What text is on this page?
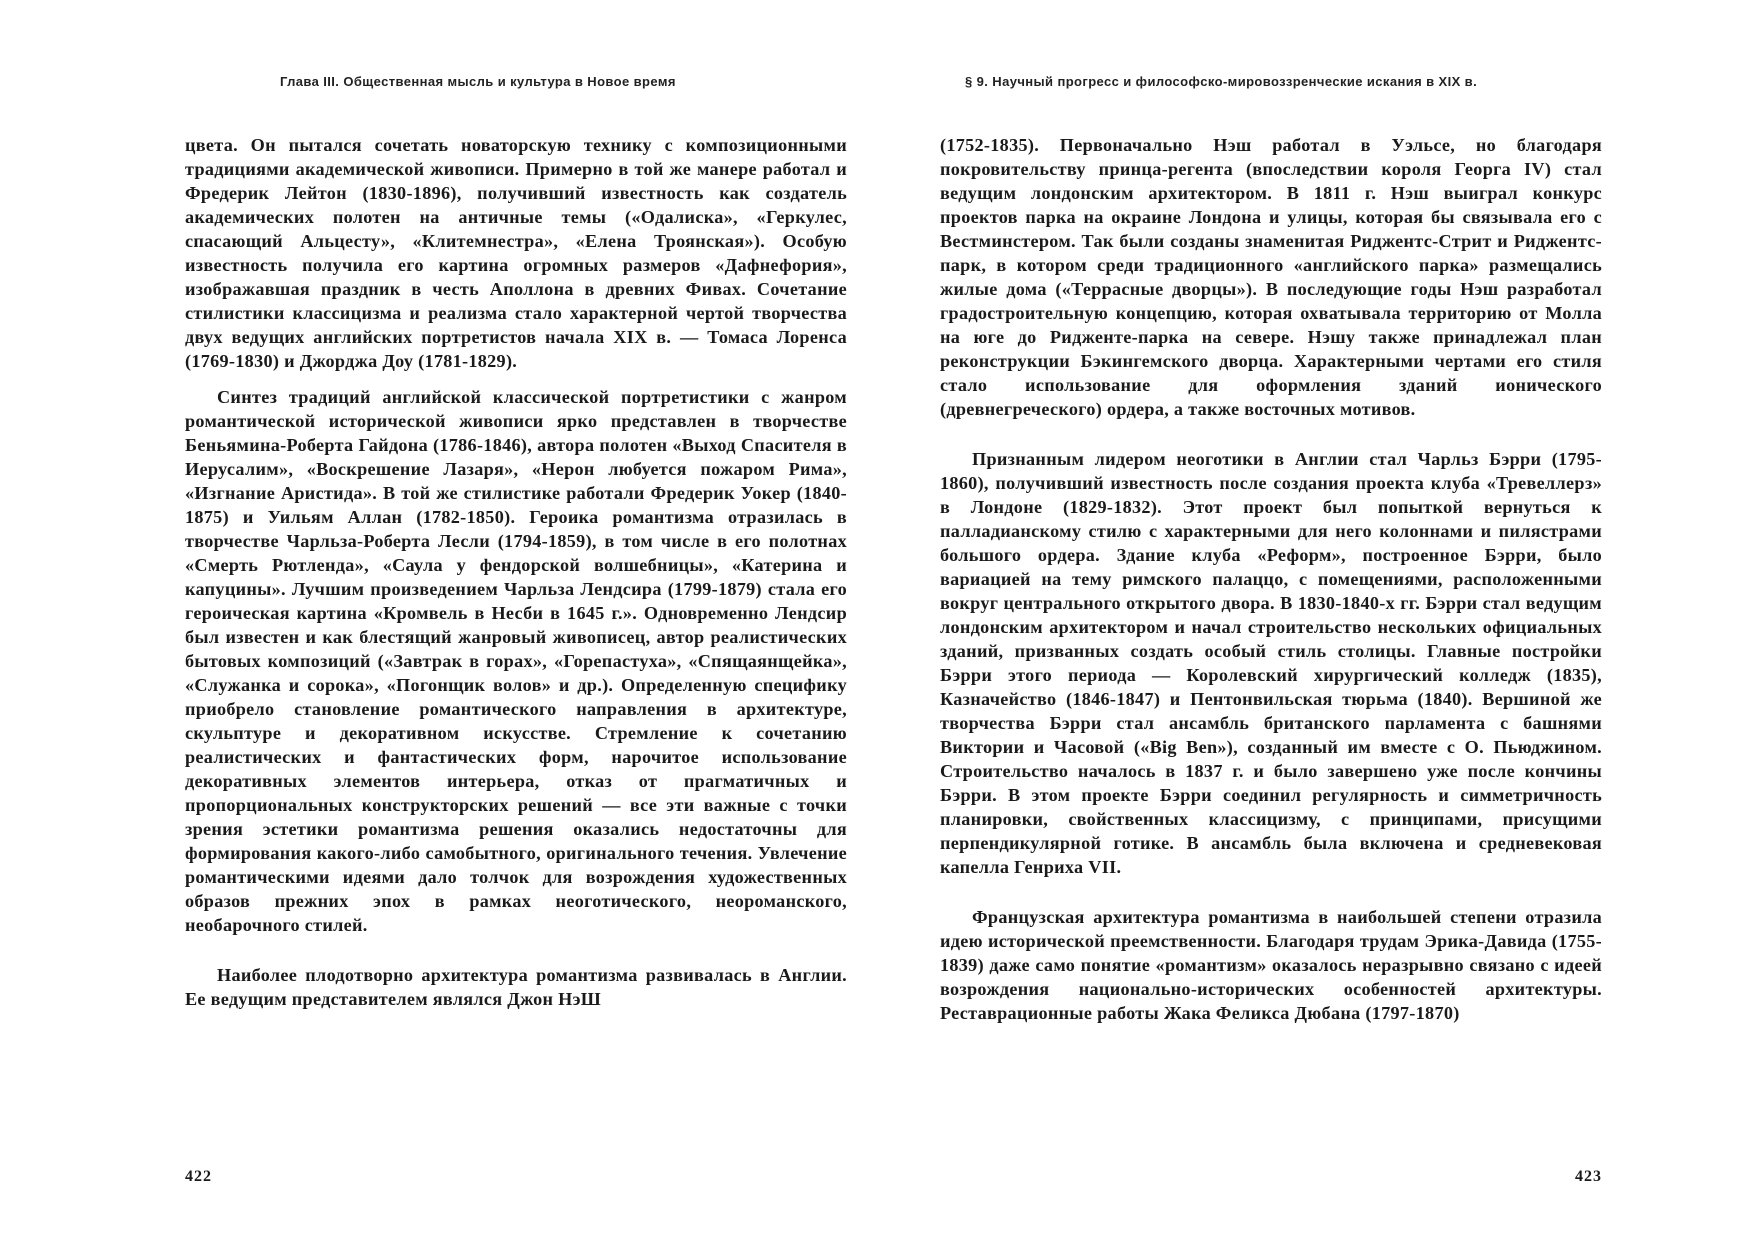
Глава III. Общественная мысль и культура в Новое время

цвета. Он пытался сочетать новаторскую технику с композиционными традициями академической живописи. Примерно в той же манере работал и Фредерик Лейтон (1830-1896), получивший известность как создатель академических полотен на античные темы («Одалиска», «Геркулес, спасающий Альцесту», «Клитемнестра», «Елена Троянская»). Особую известность получила его картина огромных размеров «Дафнефория», изображавшая праздник в честь Аполлона в древних Фивах. Сочетание стилистики классицизма и реализма стало характерной чертой творчества двух ведущих английских портретистов начала XIX в. — Томаса Лоренса (1769-1830) и Джорджа Доу (1781-1829).

Синтез традиций английской классической портретистики с жанром романтической исторической живописи ярко представлен в творчестве Беньямина-Роберта Гайдона (1786-1846), автора полотен «Выход Спасителя в Иерусалим», «Воскрешение Лазаря», «Нерон любуется пожаром Рима», «Изгнание Аристида». В той же стилистике работали Фредерик Уокер (1840-1875) и Уильям Аллан (1782-1850). Героика романтизма отразилась в творчестве Чарльза-Роберта Лесли (1794-1859), в том числе в его полотнах «Смерть Рютленда», «Саула у фендорской волшебницы», «Катерина и капуцины». Лучшим произведением Чарльза Лендсира (1799-1879) стала его героическая картина «Кромвель в Несби в 1645 г.». Одновременно Лендсир был известен и как блестящий жанровый живописец, автор реалистических бытовых композиций («Завтрак в горах», «Горепастуха», «Спящаянщейка», «Служанка и сорока», «Погонщик волов» и др.). Определенную специфику приобрело становление романтического направления в архитектуре, скульптуре и декоративном искусстве. Стремление к сочетанию реалистических и фантастических форм, нарочитое использование декоративных элементов интерьера, отказ от прагматичных и пропорциональных конструкторских решений — все эти важные с точки зрения эстетики романтизма решения оказались недостаточны для формирования какого-либо самобытного, оригинального течения. Увлечение романтическими идеями дало толчок для возрождения художественных образов прежних эпох в рамках неоготического, неороманского, необарочного стилей.

Наиболее плодотворно архитектура романтизма развивалась в Англии. Ее ведущим представителем являлся Джон НэШ

422
§ 9. Научный прогресс и философско-мировоззренческие искания в XIX в.

(1752-1835). Первоначально Нэш работал в Уэльсе, но благодаря покровительству принца-регента (впоследствии короля Георга IV) стал ведущим лондонским архитектором. В 1811 г. Нэш выиграл конкурс проектов парка на окраине Лондона и улицы, которая бы связывала его с Вестминстером. Так были созданы знаменитая Риджентс-Стрит и Риджентс-парк, в котором среди традиционного «английского парка» размещались жилые дома («Террасные дворцы»). В последующие годы Нэш разработал градостроительную концепцию, которая охватывала территорию от Молла на юге до Ридженте-парка на севере. Нэшу также принадлежал план реконструкции Бэкингемского дворца. Характерными чертами его стиля стало использование для оформления зданий ионического (древнегреческого) ордера, а также восточных мотивов.

Признанным лидером неоготики в Англии стал Чарльз Бэрри (1795-1860), получивший известность после создания проекта клуба «Тревеллерз» в Лондоне (1829-1832). Этот проект был попыткой вернуться к палладианскому стилю с характерными для него колоннами и пилястрами большого ордера. Здание клуба «Реформ», построенное Бэрри, было вариацией на тему римского палаццо, с помещениями, расположенными вокруг центрального открытого двора. В 1830-1840-х гг. Бэрри стал ведущим лондонским архитектором и начал строительство нескольких официальных зданий, призванных создать особый стиль столицы. Главные постройки Бэрри этого периода — Королевский хирургический колледж (1835), Казначейство (1846-1847) и Пентонвильская тюрьма (1840). Вершиной же творчества Бэрри стал ансамбль британского парламента с башнями Виктории и Часовой («Big Ben»), созданный им вместе с О. Пьюджином. Строительство началось в 1837 г. и было завершено уже после кончины Бэрри. В этом проекте Бэрри соединил регулярность и симметричность планировки, свойственных классицизму, с принципами, присущими перпендикулярной готике. В ансамбль была включена и средневековая капелла Генриха VII.

Французская архитектура романтизма в наибольшей степени отразила идею исторической преемственности. Благодаря трудам Эрика-Давида (1755-1839) даже само понятие «романтизм» оказалось неразрывно связано с идеей возрождения национально-исторических особенностей архитектуры. Реставрационные работы Жака Феликса Дюбана (1797-1870)

423
